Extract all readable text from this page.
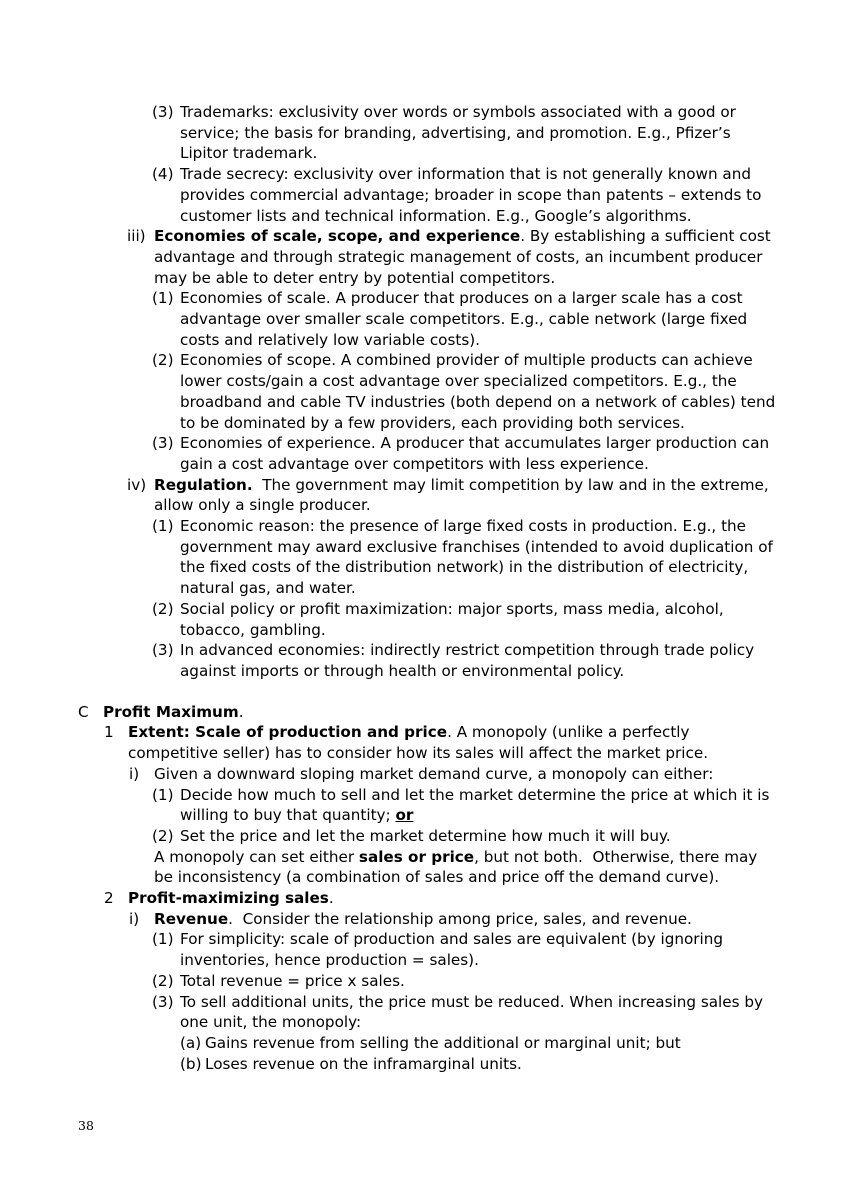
(3) Trademarks: exclusivity over words or symbols associated with a good or
service; the basis for branding, advertising, and promotion. E.g., Pfizer’s
Lipitor trademark.
(4) Trade secrecy: exclusivity over information that is not generally known and
provides commercial advantage; broader in scope than patents – extends to
customer lists and technical information. E.g., Google’s algorithms.
iii) Economies of scale, scope, and experience. By establishing a sufficient cost
advantage and through strategic management of costs, an incumbent producer
may be able to deter entry by potential competitors.
(1) Economies of scale. A producer that produces on a larger scale has a cost
advantage over smaller scale competitors. E.g., cable network (large fixed
costs and relatively low variable costs).
(2) Economies of scope. A combined provider of multiple products can achieve
lower costs/gain a cost advantage over specialized competitors. E.g., the
broadband and cable TV industries (both depend on a network of cables) tend
to be dominated by a few providers, each providing both services.
(3) Economies of experience. A producer that accumulates larger production can
gain a cost advantage over competitors with less experience.
iv) Regulation.  The government may limit competition by law and in the extreme,
allow only a single producer.
(1) Economic reason: the presence of large fixed costs in production. E.g., the
government may award exclusive franchises (intended to avoid duplication of
the fixed costs of the distribution network) in the distribution of electricity,
natural gas, and water.
(2) Social policy or profit maximization: major sports, mass media, alcohol,
tobacco, gambling.
(3) In advanced economies: indirectly restrict competition through trade policy
against imports or through health or environmental policy.
C Profit Maximum.
1 Extent: Scale of production and price. A monopoly (unlike a perfectly
competitive seller) has to consider how its sales will affect the market price.
i) Given a downward sloping market demand curve, a monopoly can either:
(1) Decide how much to sell and let the market determine the price at which it is
willing to buy that quantity; or
(2) Set the price and let the market determine how much it will buy.
A monopoly can set either sales or price, but not both.  Otherwise, there may
be inconsistency (a combination of sales and price off the demand curve).
2 Profit-maximizing sales.
i) Revenue.  Consider the relationship among price, sales, and revenue.
(1) For simplicity: scale of production and sales are equivalent (by ignoring
inventories, hence production = sales).
(2) Total revenue = price x sales.
(3) To sell additional units, the price must be reduced. When increasing sales by
one unit, the monopoly:
(a) Gains revenue from selling the additional or marginal unit; but
(b) Loses revenue on the inframarginal units.
38
